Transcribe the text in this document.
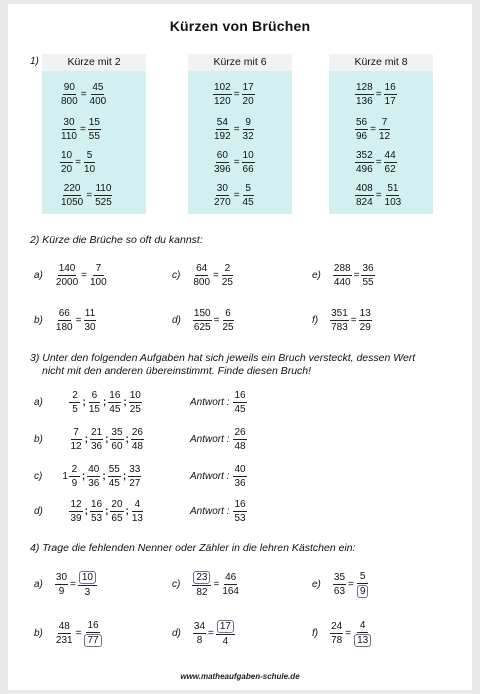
Kürzen von Brüchen
1)	Kürze mit 2	Kürze mit 6	Kürze mit 8
$\frac{90}{800} = \frac{45}{400}$
$\frac{30}{110} = \frac{15}{55}$
$\frac{10}{20} = \frac{5}{10}$
$\frac{220}{1050} = \frac{110}{525}$
$\frac{102}{120} = \frac{17}{20}$
$\frac{54}{192} = \frac{9}{32}$
$\frac{60}{396} = \frac{10}{66}$
$\frac{30}{270} = \frac{5}{45}$
$\frac{128}{136} = \frac{16}{17}$
$\frac{56}{96} = \frac{7}{12}$
$\frac{352}{496} = \frac{44}{62}$
$\frac{408}{824} = \frac{51}{103}$
2) Kürze die Brüche so oft du kannst:
$a) \frac{140}{2000} = \frac{7}{100}$	$c) \frac{64}{800} = \frac{2}{25}$	$e) \frac{288}{440} = \frac{36}{55}$
$b) \frac{66}{180} = \frac{11}{30}$	$d) \frac{150}{625} = \frac{6}{25}$	$f) \frac{351}{783} = \frac{13}{29}$
3) Unter den folgenden Aufgaben hat sich jeweils ein Bruch versteckt, dessen Wert
nicht mit den anderen übereinstimmt. Finde diesen Bruch!
a)	$\frac{2}{5}$ ; $\frac{6}{15}$ ; $\frac{16}{45}$ ; $\frac{10}{25}$	Antwort : $\frac{16}{45}$
b)	$\frac{7}{12}$ ; $\frac{21}{36}$ ; $\frac{35}{60}$ ; $\frac{26}{48}$	Antwort : $\frac{26}{48}$
c) $1 \frac{2}{9}$ ; $\frac{40}{36}$ ; $\frac{55}{45}$ ; $\frac{33}{27}$	Antwort : $\frac{40}{36}$
d)	$\frac{12}{39}$ ; $\frac{16}{53}$ ; $\frac{20}{65}$ ; $\frac{4}{13}$	Antwort : $\frac{16}{53}$
4) Trage die fehlenden Nenner oder Zähler in die lehren Kästchen ein:
$a) \frac{30}{9} = \frac{10}{3}$	$c) \frac{23}{82} = \frac{46}{164}$	$e) \frac{35}{63} = \frac{5}{9}$
$b) \frac{48}{231} = \frac{16}{77}$	$d) \frac{34}{8} = \frac{17}{4}$	$f) \frac{24}{78} = \frac{4}{13}$
www.matheaufgaben-schule.de
